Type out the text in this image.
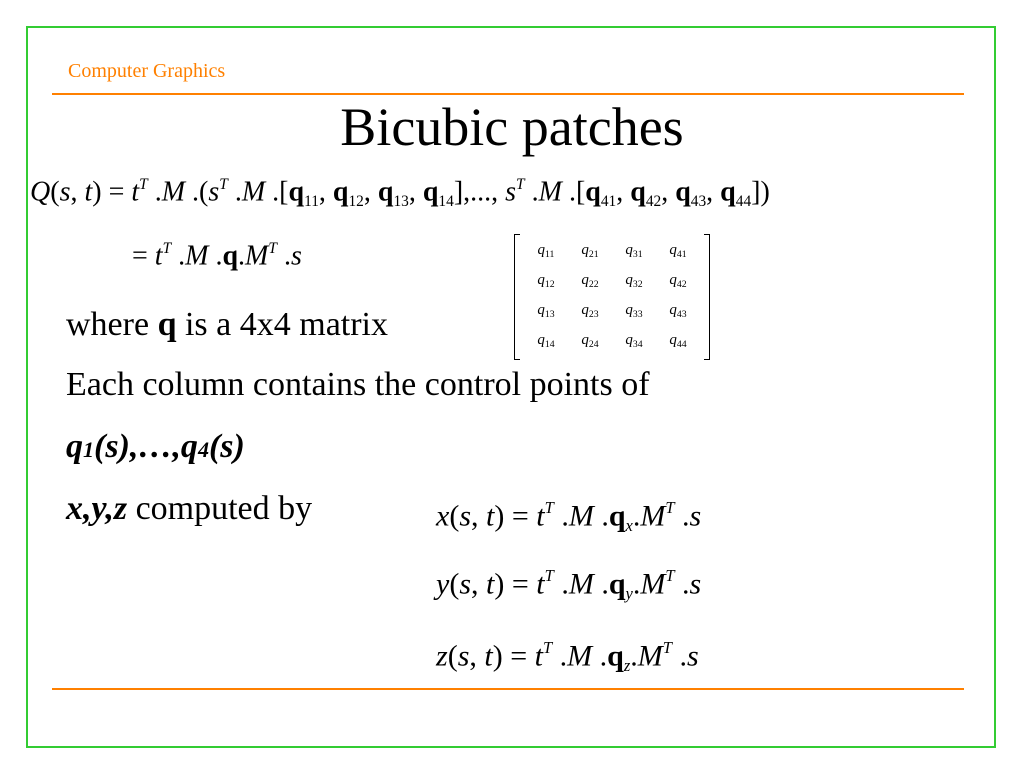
Computer Graphics
Bicubic patches
Q(s, $t) = t^T$ .M $.(s^T$ .M $.[q_{11}$, $q_{12}$, $q_{13}$, $q_{14}$],..., $s^T$ .M $.[q_{41}$, $q_{42}$, $q_{43}$, $q_{44}$])
= $t^T$ .M $.q.M^T$ .s	q11	q21	q31	q41
q12	q22	q32	q42
q13	q23	q33	q43
q14	q24	q34	q44
where q is a 4x4 matrix
Each column contains the control points of
q1(s),…,q4(s)
x,y,z computed by	x(s, $t) = t^T$ .M $.q_x.M^T$ .s
y(s, $t) = t^T$ .M $.q_y.M^T$ .s
z(s, $t) = t^T$ .M $.q_z.M^T$ .s
